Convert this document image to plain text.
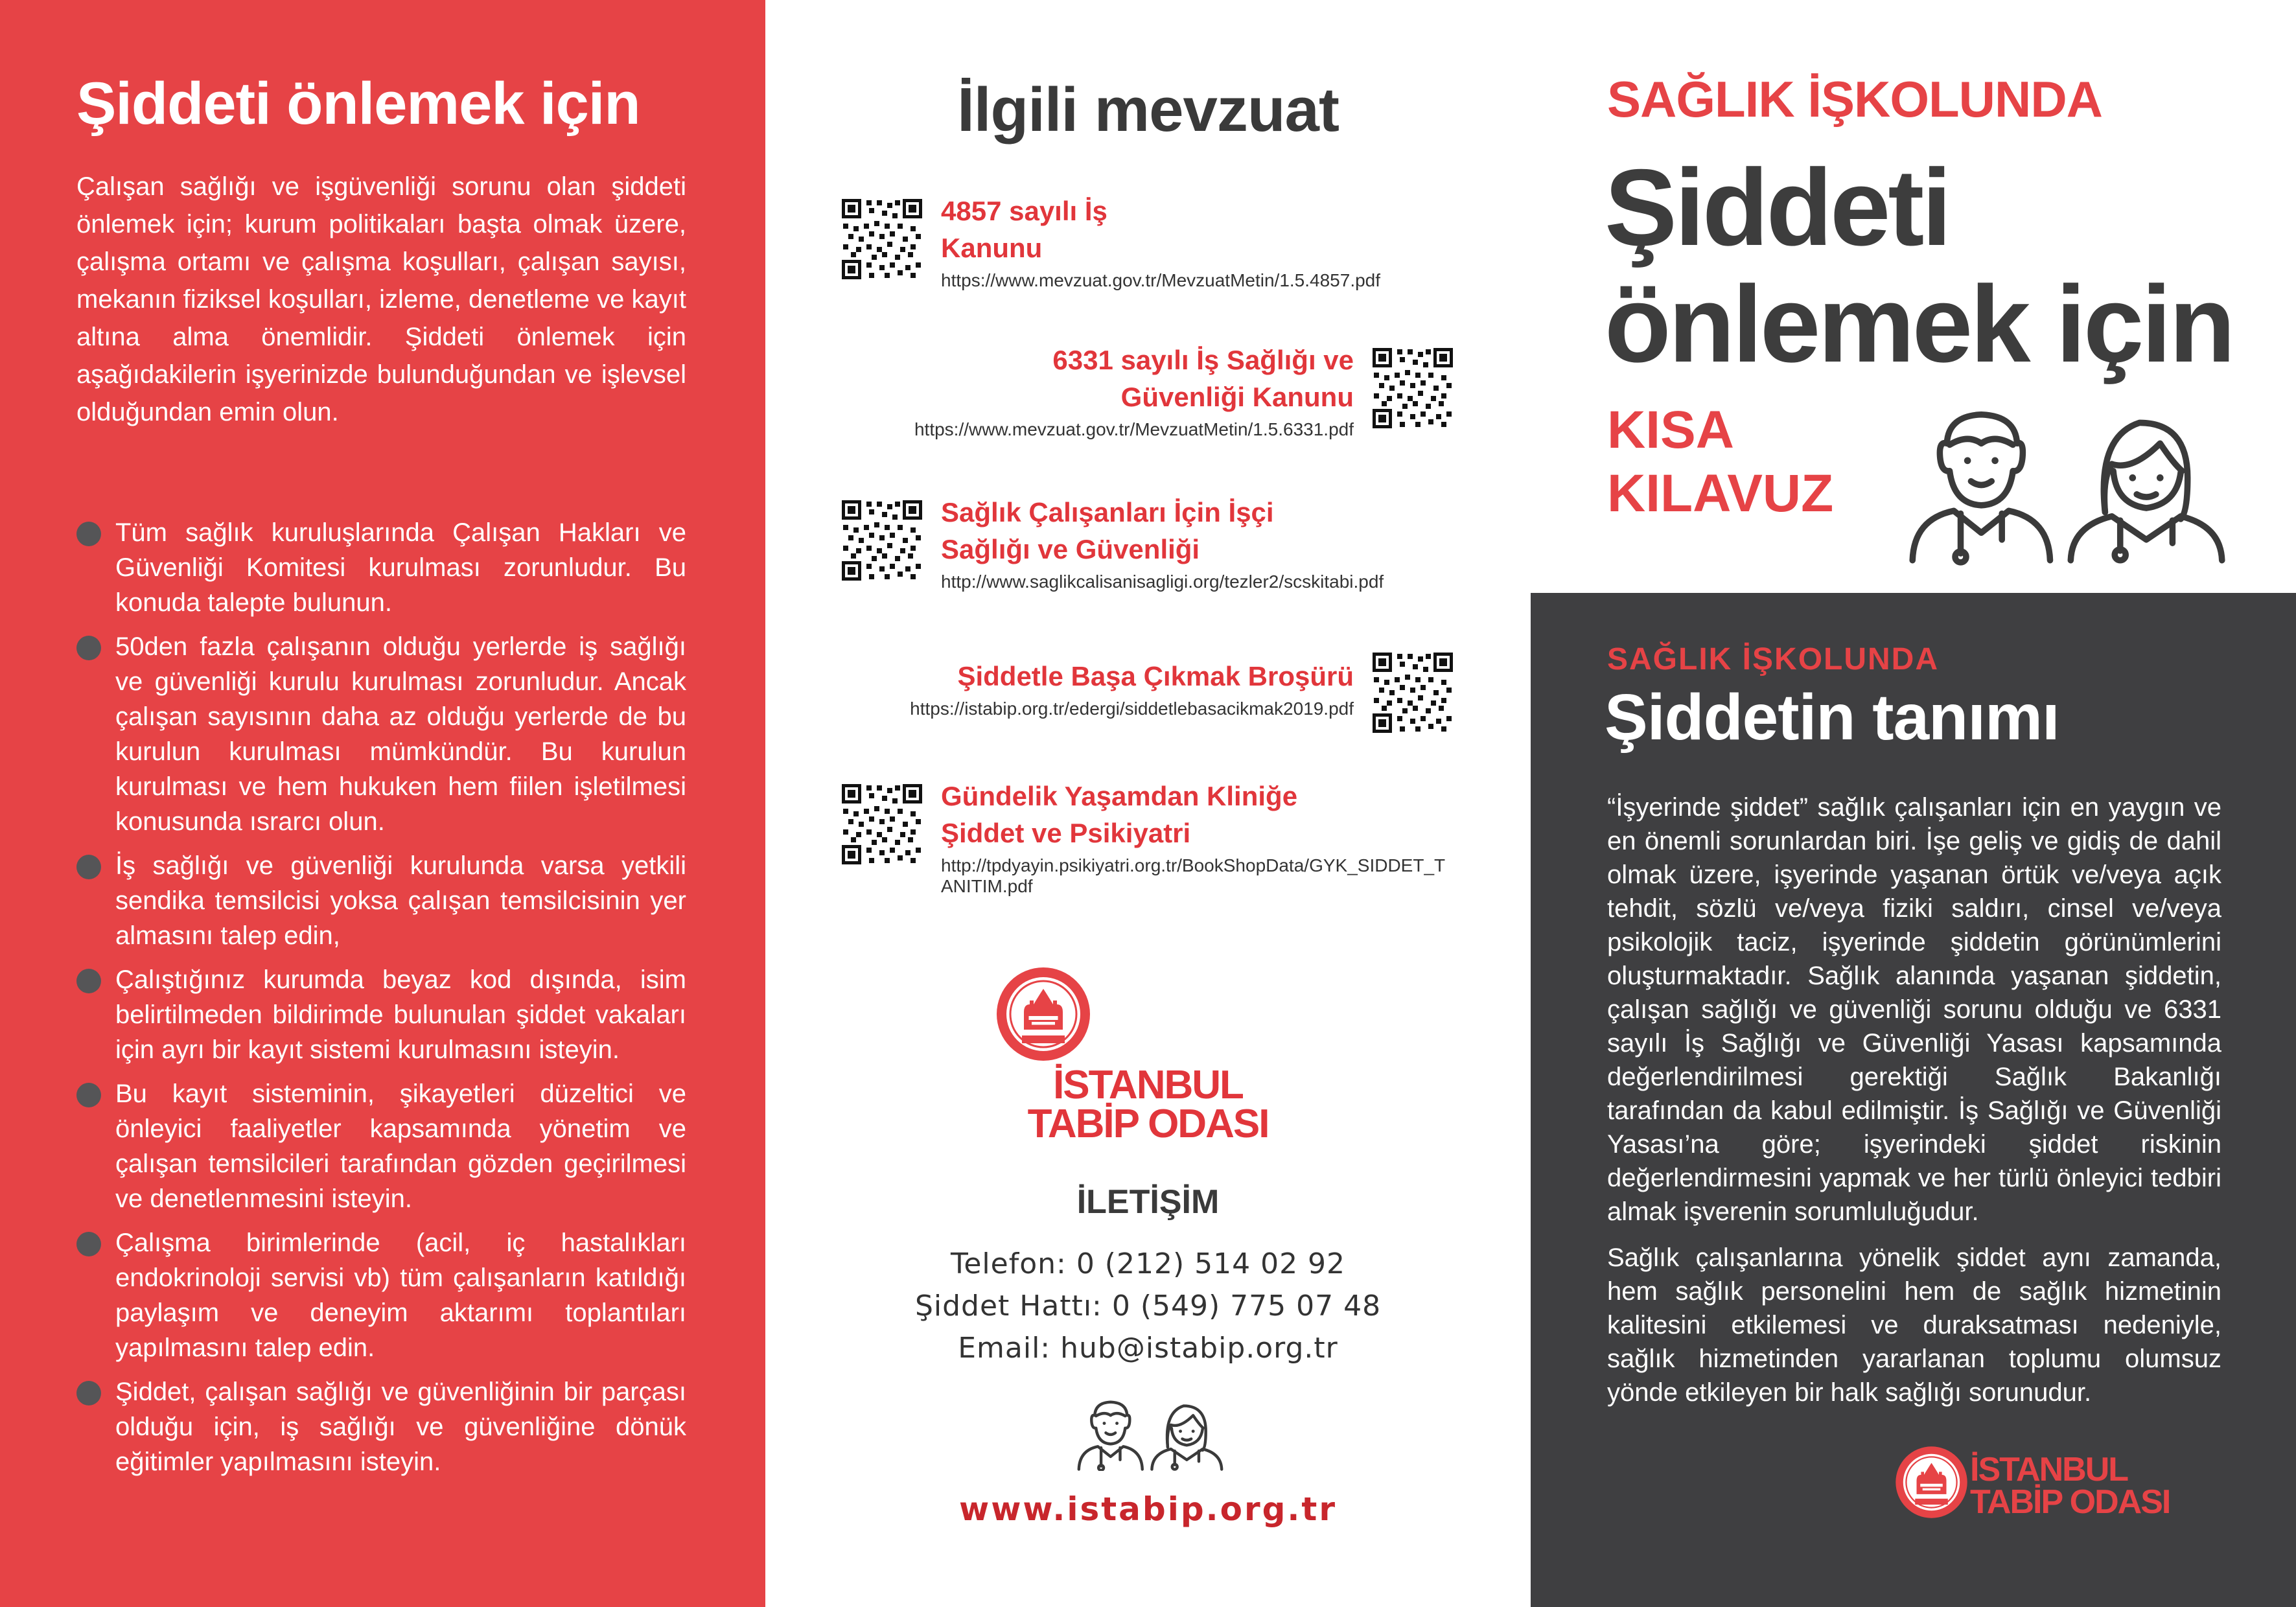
Şiddeti önlemek için

Çalışan sağlığı ve işgüvenliği sorunu olan şiddeti önlemek için; kurum politikaları başta olmak üzere, çalışma ortamı ve çalışma koşulları, çalışan sayısı, mekanın fiziksel koşulları, izleme, denetleme ve kayıt altına alma önemlidir. Şiddeti önlemek için aşağıdakilerin işyerinizde bulunduğundan ve işlevsel olduğundan emin olun.

Tüm sağlık kuruluşlarında Çalışan Hakları ve Güvenliği Komitesi kurulması zorunludur. Bu konuda talepte bulunun.
50den fazla çalışanın olduğu yerlerde iş sağlığı ve güvenliği kurulu kurulması zorunludur. Ancak çalışan sayısının daha az olduğu yerlerde de bu kurulun kurulması mümkündür. Bu kurulun kurulması ve hem hukuken hem fiilen işletilmesi konusunda ısrarcı olun.
İş sağlığı ve güvenliği kurulunda varsa yetkili sendika temsilcisi yoksa çalışan temsilcisinin yer almasını talep edin,
Çalıştığınız kurumda beyaz kod dışında, isim belirtilmeden bildirimde bulunulan şiddet vakaları için ayrı bir kayıt sistemi kurulmasını isteyin.
Bu kayıt sisteminin, şikayetleri düzeltici ve önleyici faaliyetler kapsamında yönetim ve çalışan temsilcileri tarafından gözden geçirilmesi ve denetlenmesini isteyin.
Çalışma birimlerinde (acil, iç hastalıkları endokrinoloji servisi vb) tüm çalışanların katıldığı paylaşım ve deneyim aktarımı toplantıları yapılmasını talep edin.
Şiddet, çalışan sağlığı ve güvenliğinin bir parçası olduğu için, iş sağlığı ve güvenliğine dönük eğitimler yapılmasını isteyin.
İlgili mevzuat
4857 sayılı İş Kanunu
https://www.mevzuat.gov.tr/MevzuatMetin/1.5.4857.pdf
6331 sayılı İş Sağlığı ve Güvenliği Kanunu
https://www.mevzuat.gov.tr/MevzuatMetin/1.5.6331.pdf
Sağlık Çalışanları İçin İşçi Sağlığı ve Güvenliği
http://www.saglikcalisanisagligi.org/tezler2/scskitabi.pdf
Şiddetle Başa Çıkmak Broşürü
https://istabip.org.tr/edergi/siddetlebasacikmak2019.pdf
Gündelik Yaşamdan Kliniğe Şiddet ve Psikiyatri
http://tpdyayin.psikiyatri.org.tr/BookShopData/GYK_SIDDET_TANITIM.pdf
İSTANBUL
TABİP ODASI
İLETİŞİM
Telefon: 0 (212) 514 02 92
Şiddet Hattı: 0 (549) 775 07 48
Email: hub@istabip.org.tr
www.istabip.org.tr
SAĞLIK İŞKOLUNDA
Şiddeti
önlemek için
KISA
KILAVUZ
SAĞLIK İŞKOLUNDA
Şiddetin tanımı

“İşyerinde şiddet” sağlık çalışanları için en yaygın ve en önemli sorunlardan biri. İşe geliş ve gidiş de dahil olmak üzere, işyerinde yaşanan örtük ve/veya açık tehdit, sözlü ve/veya fiziki saldırı, cinsel ve/veya psikolojik taciz, işyerinde şiddetin görünümlerini oluşturmaktadır. Sağlık alanında yaşanan şiddetin, çalışan sağlığı ve güvenliği sorunu olduğu ve 6331 sayılı İş Sağlığı ve Güvenliği Yasası kapsamında değerlendirilmesi gerektiği Sağlık Bakanlığı tarafından da kabul edilmiştir. İş Sağlığı ve Güvenliği Yasası’na göre; işyerindeki şiddet riskinin değerlendirmesini yapmak ve her türlü önleyici tedbiri almak işverenin sorumluluğudur.

Sağlık çalışanlarına yönelik şiddet aynı zamanda, hem sağlık personelini hem de sağlık hizmetinin kalitesini etkilemesi ve duraksatması nedeniyle, sağlık hizmetinden yararlanan toplumu olumsuz yönde etkileyen bir halk sağlığı sorunudur.

İSTANBUL
TABİP ODASI
